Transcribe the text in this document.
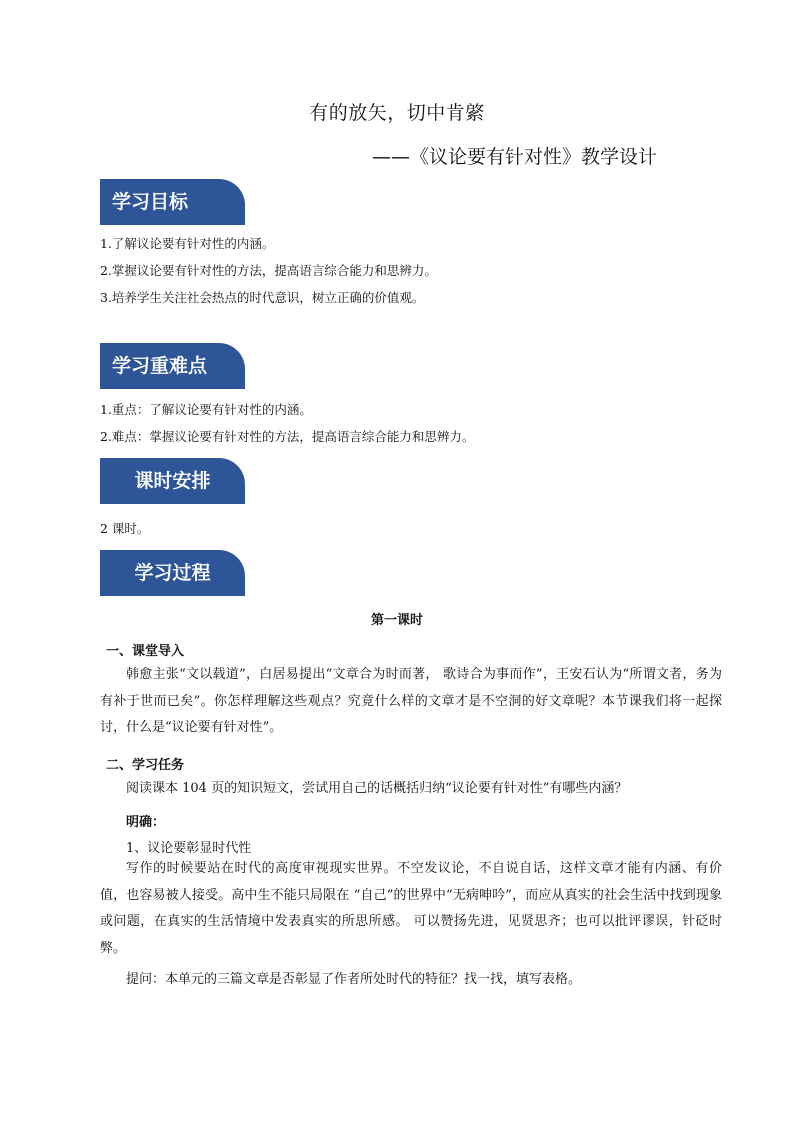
有的放矢，切中肯綮
——《议论要有针对性》教学设计
学习目标
1.了解议论要有针对性的内涵。
2.掌握议论要有针对性的方法，提高语言综合能力和思辨力。
3.培养学生关注社会热点的时代意识，树立正确的价值观。
学习重难点
1.重点：了解议论要有针对性的内涵。
2.难点：掌握议论要有针对性的方法，提高语言综合能力和思辨力。
课时安排
2 课时。
学习过程
第一课时
一、课堂导入
韩愈主张“文以载道”，白居易提出“文章合为时而著， 歌诗合为事而作”，王安石认为“所谓文者，务为有补于世而已矣”。你怎样理解这些观点？究竟什么样的文章才是不空洞的好文章呢？本节课我们将一起探讨，什么是“议论要有针对性”。
二、学习任务
阅读课本 104 页的知识短文，尝试用自己的话概括归纳“议论要有针对性”有哪些内涵？
明确：
1、议论要彰显时代性
写作的时候要站在时代的高度审视现实世界。不空发议论，不自说自话，这样文章才能有内涵、有价值，也容易被人接受。高中生不能只局限在 “自己”的世界中“无病呻吟”，而应从真实的社会生活中找到现象或问题，在真实的生活情境中发表真实的所思所感。 可以赞扬先进，见贤思齐；也可以批评谬误，针砭时弊。
提问：本单元的三篇文章是否彰显了作者所处时代的特征？找一找，填写表格。
